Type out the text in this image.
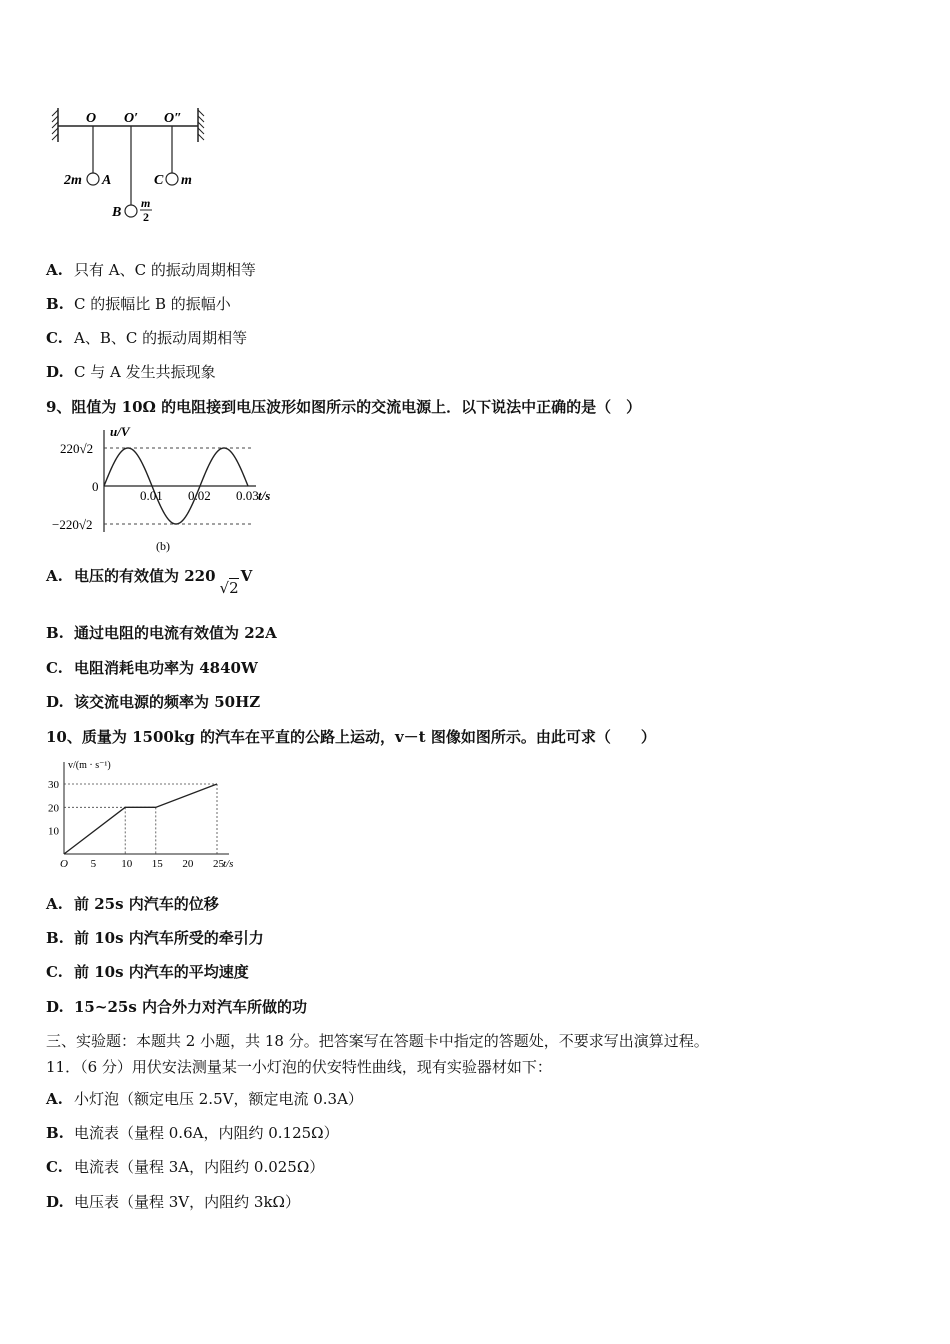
O O′ O″
2m A
B
m
2
C m
A. 只有 A、C 的振动周期相等
B. C 的振幅比 B 的振幅小
C. A、B、C 的振动周期相等
D. C 与 A 发生共振现象
9、阻值为 10Ω 的电阻接到电压波形如图所示的交流电源上．以下说法中正确的是（　）
0.01 0.02 0.03 t/s
u/V
220√2
0
−220√2
(b)
A. 电压的有效值为 220√2V
B. 通过电阻的电流有效值为 22A
C. 电阻消耗电功率为 4840W
D. 该交流电源的频率为 50HZ
10、质量为 1500kg 的汽车在平直的公路上运动，v－t 图像如图所示。由此可求（　　）
O 5 10 15 20 25
10
20
30
t/s
v/(m · s⁻¹)
A. 前 25s 内汽车的位移
B. 前 10s 内汽车所受的牵引力
C. 前 10s 内汽车的平均速度
D. 15~25s 内合外力对汽车所做的功
三、实验题：本题共 2 小题，共 18 分。把答案写在答题卡中指定的答题处，不要求写出演算过程。
11．（6 分）用伏安法测量某一小灯泡的伏安特性曲线，现有实验器材如下：
A. 小灯泡（额定电压 2.5V，额定电流 0.3A）
B. 电流表（量程 0.6A，内阻约 0.125Ω）
C. 电流表（量程 3A，内阻约 0.025Ω）
D. 电压表（量程 3V，内阻约 3kΩ）
